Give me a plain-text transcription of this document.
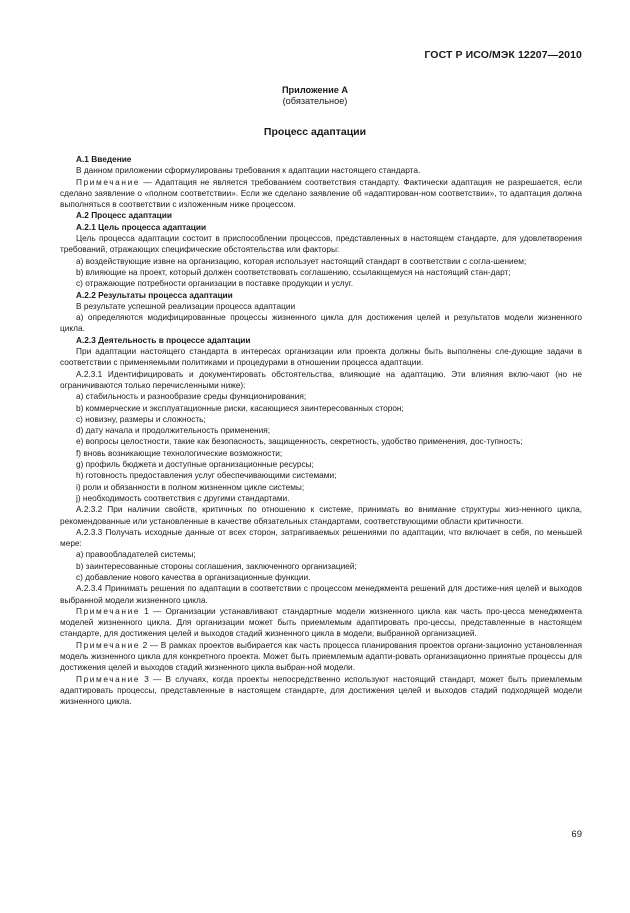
ГОСТ Р ИСО/МЭК 12207—2010
Приложение А
(обязательное)
Процесс адаптации

А.1 Введение

В данном приложении сформулированы требования к адаптации настоящего стандарта.

Примечание — Адаптация не является требованием соответствия стандарту. Фактически адаптация не разрешается, если сделано заявление о «полном соответствии». Если же сделано заявление об «адаптирован-ном соответствии», то адаптация должна выполняться в соответствии с изложенным ниже процессом.

А.2 Процесс адаптации

А.2.1 Цель процесса адаптации

Цель процесса адаптации состоит в приспособлении процессов, представленных в настоящем стандарте, для удовлетворения требований, отражающих специфические обстоятельства или факторы:

a) воздействующие извне на организацию, которая использует настоящий стандарт в соответствии с согла-шением;

b) влияющие на проект, который должен соответствовать соглашению, ссылающемуся на настоящий стан-дарт;

c) отражающие потребности организации в поставке продукции и услуг.

А.2.2 Результаты процесса адаптации

В результате успешной реализации процесса адаптации

а) определяются модифицированные процессы жизненного цикла для достижения целей и результатов модели жизненного цикла.

А.2.3 Деятельность в процессе адаптации

При адаптации настоящего стандарта в интересах организации или проекта должны быть выполнены сле-дующие задачи в соответствии с применяемыми политиками и процедурами в отношении процесса адаптации.

А.2.3.1 Идентифицировать и документировать обстоятельства, влияющие на адаптацию. Эти влияния вклю-чают (но не ограничиваются только перечисленными ниже):

а) стабильность и разнообразие среды функционирования;

b) коммерческие и эксплуатационные риски, касающиеся заинтересованных сторон;

c) новизну, размеры и сложность;

d) дату начала и продолжительность применения;

e) вопросы целостности, такие как безопасность, защищенность, секретность, удобство применения, дос-тупность;

f) вновь возникающие технологические возможности;

g) профиль бюджета и доступные организационные ресурсы;

h) готовность предоставления услуг обеспечивающими системами;

i) роли и обязанности в полном жизненном цикле системы;

j) необходимость соответствия с другими стандартами.

А.2.3.2 При наличии свойств, критичных по отношению к системе, принимать во внимание структуры жиз-ненного цикла, рекомендованные или установленные в качестве обязательных стандартами, соответствующими области критичности.

А.2.3.3 Получать исходные данные от всех сторон, затрагиваемых решениями по адаптации, что включает в себя, по меньшей мере:

а) правообладателей системы;

b) заинтересованные стороны соглашения, заключенного организацией;

c) добавление нового качества в организационные функции.

А.2.3.4 Принимать решения по адаптации в соответствии с процессом менеджмента решений для достиже-ния целей и выходов выбранной модели жизненного цикла.

Примечание 1 — Организации устанавливают стандартные модели жизненного цикла как часть про-цесса менеджмента моделей жизненного цикла. Для организации может быть приемлемым адаптировать про-цессы, представленные в настоящем стандарте, для достижения целей и выходов стадий жизненного цикла в модели, выбранной организацией.

Примечание 2 — В рамках проектов выбирается как часть процесса планирования проектов органи-зационно установленная модель жизненного цикла для конкретного проекта. Может быть приемлемым адапти-ровать организационно принятые процессы для достижения целей и выходов стадий жизненного цикла выбран-ной модели.

Примечание 3 — В случаях, когда проекты непосредственно используют настоящий стандарт, может быть приемлемым адаптировать процессы, представленные в настоящем стандарте, для достижения целей и выходов стадий подходящей модели жизненного цикла.

69
